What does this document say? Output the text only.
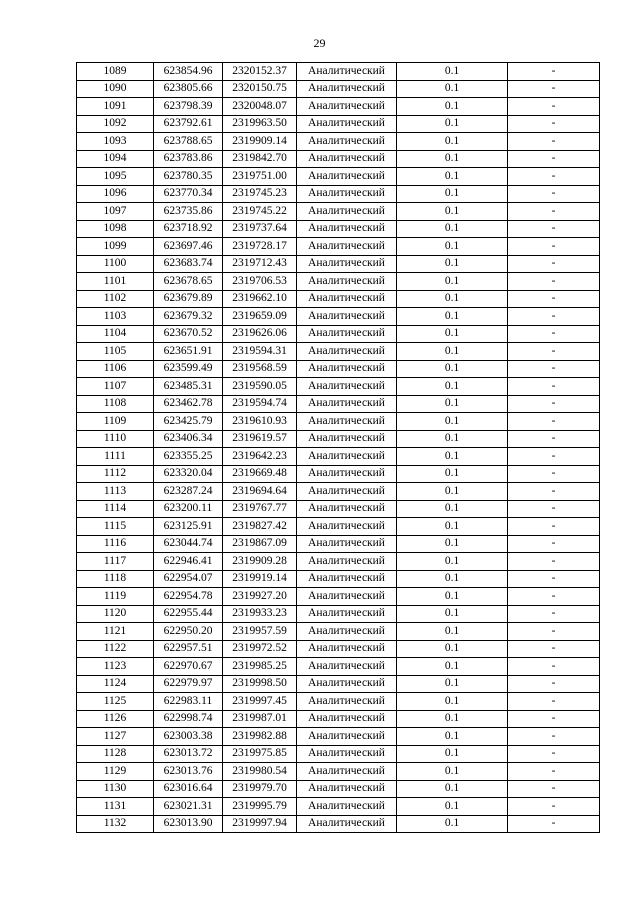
29
1089	623854.96	2320152.37	Аналитический	0.1	-
1090	623805.66	2320150.75	Аналитический	0.1	-
1091	623798.39	2320048.07	Аналитический	0.1	-
1092	623792.61	2319963.50	Аналитический	0.1	-
1093	623788.65	2319909.14	Аналитический	0.1	-
1094	623783.86	2319842.70	Аналитический	0.1	-
1095	623780.35	2319751.00	Аналитический	0.1	-
1096	623770.34	2319745.23	Аналитический	0.1	-
1097	623735.86	2319745.22	Аналитический	0.1	-
1098	623718.92	2319737.64	Аналитический	0.1	-
1099	623697.46	2319728.17	Аналитический	0.1	-
1100	623683.74	2319712.43	Аналитический	0.1	-
1101	623678.65	2319706.53	Аналитический	0.1	-
1102	623679.89	2319662.10	Аналитический	0.1	-
1103	623679.32	2319659.09	Аналитический	0.1	-
1104	623670.52	2319626.06	Аналитический	0.1	-
1105	623651.91	2319594.31	Аналитический	0.1	-
1106	623599.49	2319568.59	Аналитический	0.1	-
1107	623485.31	2319590.05	Аналитический	0.1	-
1108	623462.78	2319594.74	Аналитический	0.1	-
1109	623425.79	2319610.93	Аналитический	0.1	-
1110	623406.34	2319619.57	Аналитический	0.1	-
1111	623355.25	2319642.23	Аналитический	0.1	-
1112	623320.04	2319669.48	Аналитический	0.1	-
1113	623287.24	2319694.64	Аналитический	0.1	-
1114	623200.11	2319767.77	Аналитический	0.1	-
1115	623125.91	2319827.42	Аналитический	0.1	-
1116	623044.74	2319867.09	Аналитический	0.1	-
1117	622946.41	2319909.28	Аналитический	0.1	-
1118	622954.07	2319919.14	Аналитический	0.1	-
1119	622954.78	2319927.20	Аналитический	0.1	-
1120	622955.44	2319933.23	Аналитический	0.1	-
1121	622950.20	2319957.59	Аналитический	0.1	-
1122	622957.51	2319972.52	Аналитический	0.1	-
1123	622970.67	2319985.25	Аналитический	0.1	-
1124	622979.97	2319998.50	Аналитический	0.1	-
1125	622983.11	2319997.45	Аналитический	0.1	-
1126	622998.74	2319987.01	Аналитический	0.1	-
1127	623003.38	2319982.88	Аналитический	0.1	-
1128	623013.72	2319975.85	Аналитический	0.1	-
1129	623013.76	2319980.54	Аналитический	0.1	-
1130	623016.64	2319979.70	Аналитический	0.1	-
1131	623021.31	2319995.79	Аналитический	0.1	-
1132	623013.90	2319997.94	Аналитический	0.1	-
